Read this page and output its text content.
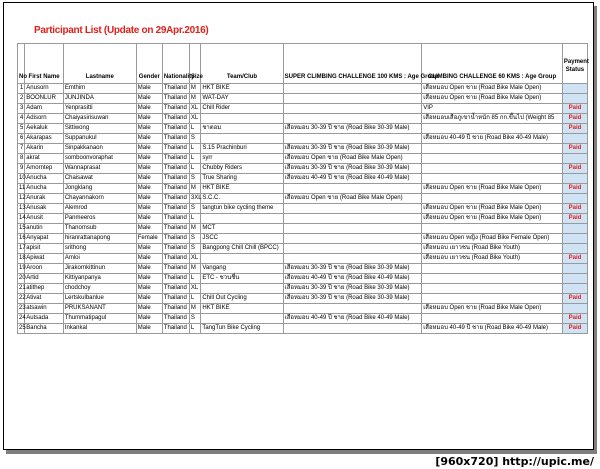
Participant List (Update on 29Apr.2016)
No	First Name	Lastname	Gender	Nationality	Size	Team/Club	SUPER CLIMBING CHALLENGE 100 KMS : Age Group	CLIMBING CHALLENGE 60 KMS : Age Group	Payment Status
1	Anusorn	Emthim	Male	Thailand	M	HKT BIKE		เสือหมอบ Open ชาย (Road Bike Male Open)	
2	BOONLUR	JUNJINDA	Male	Thailand	M	WAT-DAY		เสือหมอบ Open ชาย (Road Bike Male Open)	
3	Adam	Yenprasitti	Male	Thailand	XL	Chill Rider		VIP	Paid
4	Adisorn	Chaiyasirisuwan	Male	Thailand	XL			เสือหมอบเสือภูเขาน้ำหนัก 85 กก.ขึ้นไป (Weight 85	Paid
5	Aekaluk	Sittiwong	Male	Thailand	L	ชาตอม	เสือหมอบ 30-39 ปี ชาย (Road Bike 30-39 Male)		Paid
6	Akarapas	Suppanukul	Male	Thailand	S			เสือหมอบ 40-49 ปี ชาย (Road Bike 40-49 Male)	
7	Akarin	Sinpakkanaon	Male	Thailand	L	S.15 Prachinburi	เสือหมอบ 30-39 ปี ชาย (Road Bike 30-39 Male)		Paid
8	akrat	somboonvoraphat	Male	Thailand	L	syrr	เสือหมอบ Open ชาย (Road Bike Male Open)		
9	Amorntep	Wannaprasat	Male	Thailand	L	Chubby Riders	เสือหมอบ 30-39 ปี ชาย (Road Bike 30-39 Male)		Paid
10	Anucha	Chaisawat	Male	Thailand	S	True Sharing	เสือหมอบ 40-49 ปี ชาย (Road Bike 40-49 Male)		
11	Anucha	Jongklang	Male	Thailand	M	HKT BIKE		เสือหมอบ Open ชาย (Road Bike Male Open)	Paid
12	Anurak	Chayannakorn	Male	Thailand	3XL	S.C.C.	เสือหมอบ Open ชาย (Road Bike Male Open)		
13	Anusak	Alemrod	Male	Thailand	S	tangtun bike cycling theme		เสือหมอบ Open ชาย (Road Bike Male Open)	Paid
14	Anusit	Panmeeros	Male	Thailand	L			เสือหมอบ Open ชาย (Road Bike Male Open)	Paid
15	anutin	Thanomsub	Male	Thailand	M	MCT			
16	Anyapat	hiranrattanapong	Female	Thailand	S	JSCC		เสือหมอบ Open หญิง (Road Bike Female Open)	
17	apisit	srithong	Male	Thailand	S	Bangpong Chill Chill (BPCC)		เสือหมอบ เยาวชน (Road Bike Youth)	
18	Apiwat	Amloi	Male	Thailand	XL			เสือหมอบ เยาวชน (Road Bike Youth)	Paid
19	Aroon	Jirakornkittinun	Male	Thailand	M	Vangang	เสือหมอบ 30-39 ปี ชาย (Road Bike 30-39 Male)		
20	Artid	Kittiyanpanya	Male	Thailand	L	ETC - ชวนชื่น	เสือหมอบ 40-49 ปี ชาย (Road Bike 40-49 Male)		
21	atithep	chodchoy	Male	Thailand	XL		เสือหมอบ 30-39 ปี ชาย (Road Bike 30-39 Male)		
22	Ativat	Lertskulbanlue	Male	Thailand	L	Chill Out Cycling	เสือหมอบ 30-39 ปี ชาย (Road Bike 30-39 Male)		Paid
23	atsawin	PRUKSANANT	Male	Thailand	M	HKT BIKE		เสือหมอบ Open ชาย (Road Bike Male Open)	
24	Autsada	Thummatipagul	Male	Thailand	S		เสือหมอบ 40-49 ปี ชาย (Road Bike 40-49 Male)		Paid
25	Bancha	Inkankal	Male	Thailand	L	TangTun Bike Cycling		เสือหมอบ 40-49 ปี ชาย (Road Bike 40-49 Male)	Paid
[960x720] http://upic.me/
